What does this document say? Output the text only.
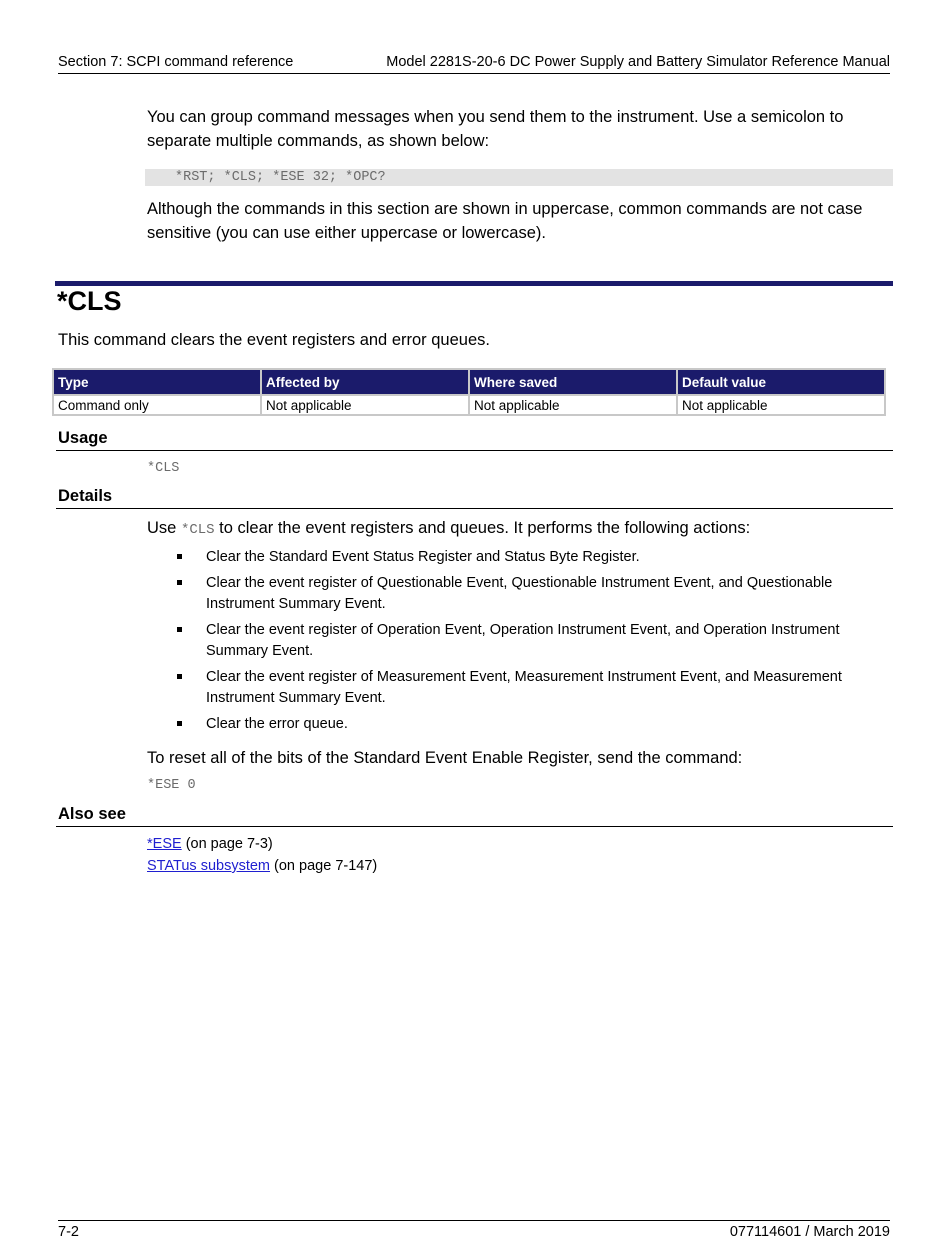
Section 7: SCPI command reference	Model 2281S-20-6 DC Power Supply and Battery Simulator Reference Manual
You can group command messages when you send them to the instrument. Use a semicolon to separate multiple commands, as shown below:
*RST; *CLS; *ESE 32; *OPC?
Although the commands in this section are shown in uppercase, common commands are not case sensitive (you can use either uppercase or lowercase).
*CLS
This command clears the event registers and error queues.
Type	Affected by	Where saved	Default value
Command only	Not applicable	Not applicable	Not applicable
Usage
*CLS
Details
Use *CLS to clear the event registers and queues. It performs the following actions:
Clear the Standard Event Status Register and Status Byte Register.
Clear the event register of Questionable Event, Questionable Instrument Event, and Questionable Instrument Summary Event.
Clear the event register of Operation Event, Operation Instrument Event, and Operation Instrument Summary Event.
Clear the event register of Measurement Event, Measurement Instrument Event, and Measurement Instrument Summary Event.
Clear the error queue.
To reset all of the bits of the Standard Event Enable Register, send the command:
*ESE 0
Also see
*ESE (on page 7-3)
STATus subsystem (on page 7-147)
7-2	077114601 / March 2019
